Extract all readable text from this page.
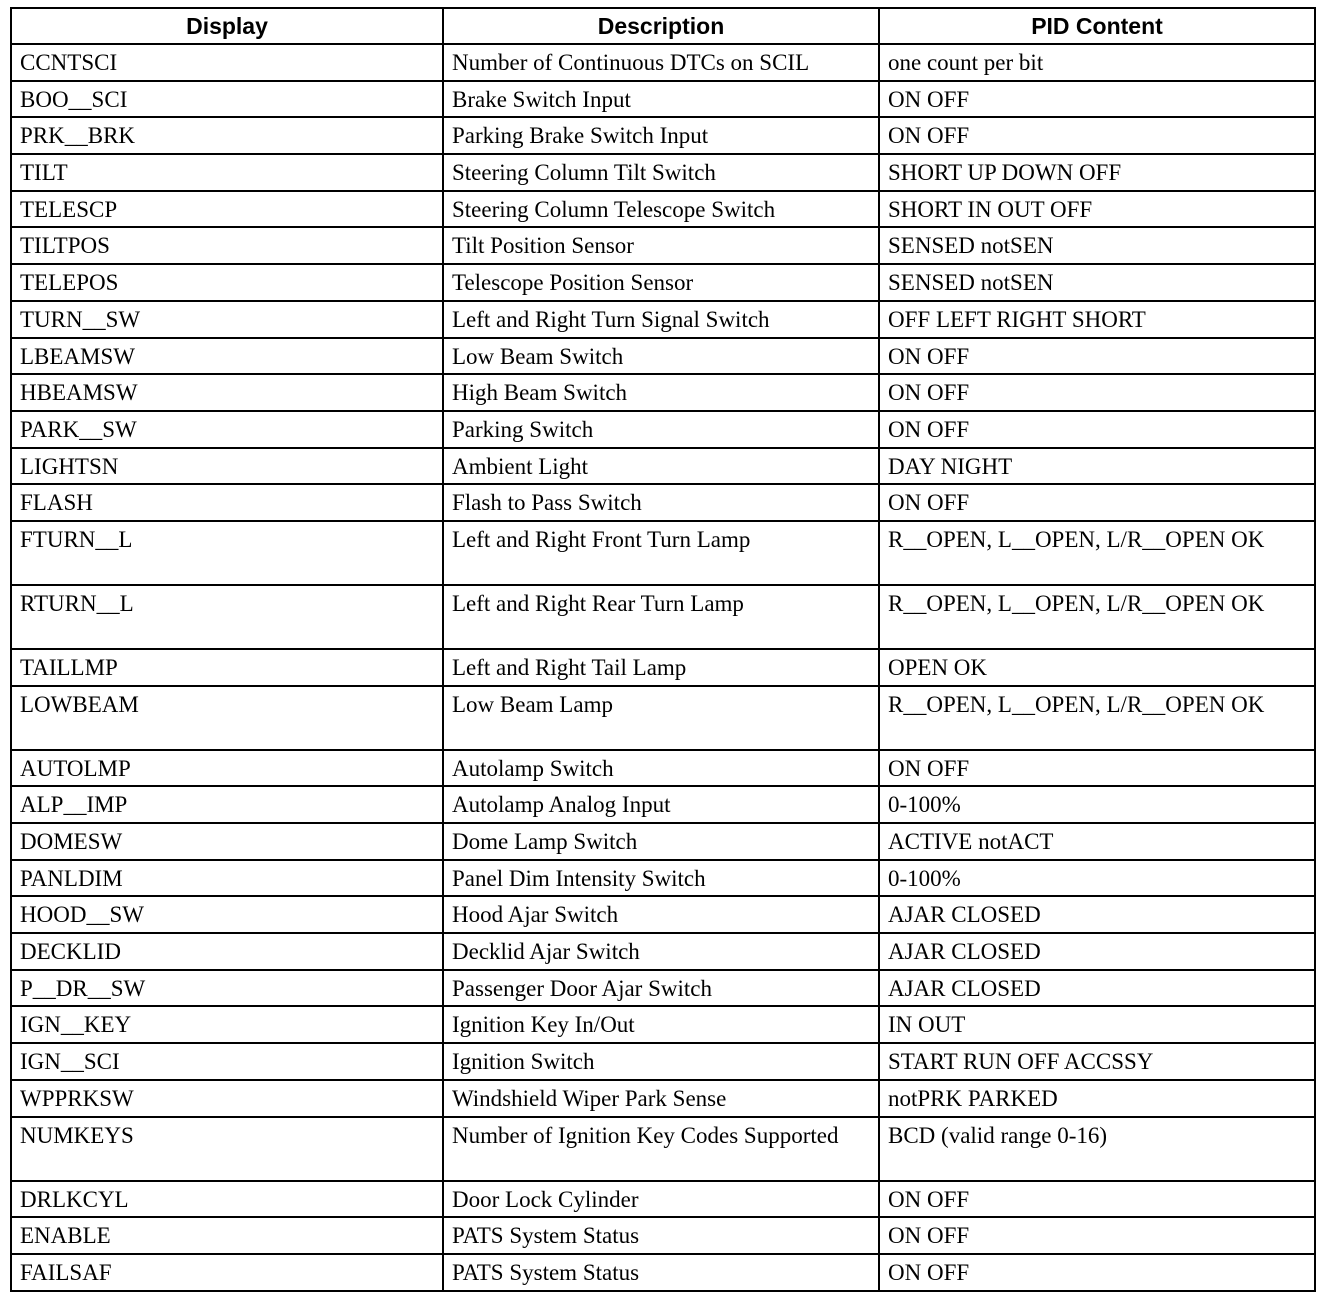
Display	Description	PID Content
CCNTSCI	Number of Continuous DTCs on SCIL	one count per bit
BOO__SCI	Brake Switch Input	ON OFF
PRK__BRK	Parking Brake Switch Input	ON OFF
TILT	Steering Column Tilt Switch	SHORT UP DOWN OFF
TELESCP	Steering Column Telescope Switch	SHORT IN OUT OFF
TILTPOS	Tilt Position Sensor	SENSED notSEN
TELEPOS	Telescope Position Sensor	SENSED notSEN
TURN__SW	Left and Right Turn Signal Switch	OFF LEFT RIGHT SHORT
LBEAMSW	Low Beam Switch	ON OFF
HBEAMSW	High Beam Switch	ON OFF
PARK__SW	Parking Switch	ON OFF
LIGHTSN	Ambient Light	DAY NIGHT
FLASH	Flash to Pass Switch	ON OFF
FTURN__L	Left and Right Front Turn Lamp	R__OPEN, L__OPEN, L/R__OPEN OK
RTURN__L	Left and Right Rear Turn Lamp	R__OPEN, L__OPEN, L/R__OPEN OK
TAILLMP	Left and Right Tail Lamp	OPEN OK
LOWBEAM	Low Beam Lamp	R__OPEN, L__OPEN, L/R__OPEN OK
AUTOLMP	Autolamp Switch	ON OFF
ALP__IMP	Autolamp Analog Input	0-100%
DOMESW	Dome Lamp Switch	ACTIVE notACT
PANLDIM	Panel Dim Intensity Switch	0-100%
HOOD__SW	Hood Ajar Switch	AJAR CLOSED
DECKLID	Decklid Ajar Switch	AJAR CLOSED
P__DR__SW	Passenger Door Ajar Switch	AJAR CLOSED
IGN__KEY	Ignition Key In/Out	IN OUT
IGN__SCI	Ignition Switch	START RUN OFF ACCSSY
WPPRKSW	Windshield Wiper Park Sense	notPRK PARKED
NUMKEYS	Number of Ignition Key Codes Supported	BCD (valid range 0-16)
DRLKCYL	Door Lock Cylinder	ON OFF
ENABLE	PATS System Status	ON OFF
FAILSAF	PATS System Status	ON OFF
